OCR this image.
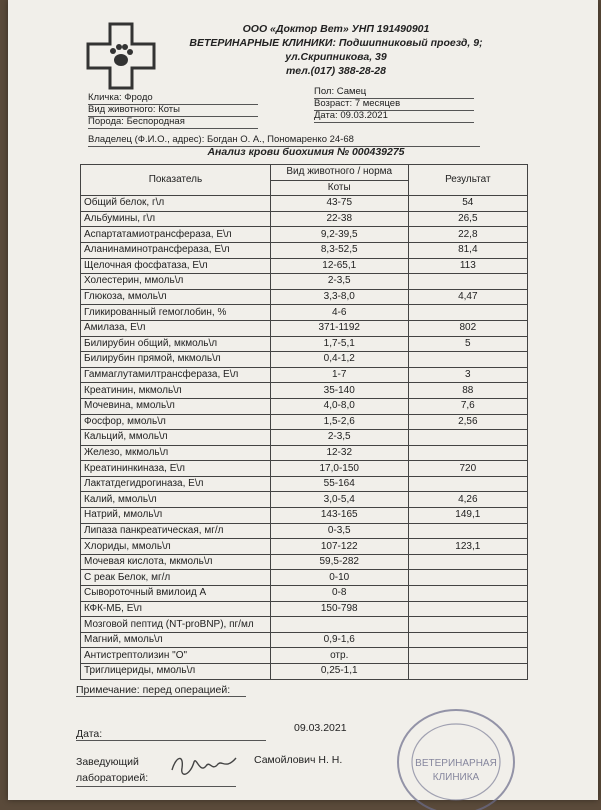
ООО «Доктор Вет» УНП 191490901
ВЕТЕРИНАРНЫЕ КЛИНИКИ: Подшипниковый проезд, 9;
ул.Скрипникова, 39
тел.(017) 388-28-28
Кличка: Фродо
Вид животного: Коты
Порода: Беспородная
Пол: Самец
Возраст: 7 месяцев
Дата: 09.03.2021
Владелец (Ф.И.О., адрес): Богдан О. А., Пономаренко 24-68
Анализ крови биохимия № 000439275
Показатель	Вид животного / норма	Результат
	Коты	
Общий белок, г\л	43-75	54
Альбумины, г\л	22-38	26,5
Аспартатамиотрансфераза, Е\л	9,2-39,5	22,8
Аланинаминотрансфераза, Е\л	8,3-52,5	81,4
Щелочная фосфатаза, Е\л	12-65,1	113
Холестерин, ммоль\л	2-3,5	
Глюкоза, ммоль\л	3,3-8,0	4,47
Гликированный гемоглобин, %	4-6	
Амилаза, Е\л	371-1192	802
Билирубин общий, мкмоль\л	1,7-5,1	5
Билирубин прямой, мкмоль\л	0,4-1,2	
Гаммаглутамилтрансфераза, Е\л	1-7	3
Креатинин, мкмоль\л	35-140	88
Мочевина, ммоль\л	4,0-8,0	7,6
Фосфор, ммоль\л	1,5-2,6	2,56
Кальций, ммоль\л	2-3,5	
Железо, мкмоль\л	12-32	
Креатининкиназа, Е\л	17,0-150	720
Лактатдегидрогиназа, Е\л	55-164	
Калий, ммоль\л	3,0-5,4	4,26
Натрий, ммоль\л	143-165	149,1
Липаза панкреатическая, мг/л	0-3,5	
Хлориды, ммоль\л	107-122	123,1
Мочевая кислота, мкмоль\л	59,5-282	
С реак Белок, мг/л	0-10	
Сывороточный вмилоид А	0-8	
КФК-МБ, Е\л	150-798	
Мозговой пептид (NT-proBNP), пг/мл		
Магний, ммоль\л	0,9-1,6	
Антистрептолизин "О"	отр.	
Триглицериды, ммоль\л	0,25-1,1	
Примечание: перед операцией:
Дата:	09.03.2021
Заведующий
лабораторией:
Самойлович Н. Н.	ВЕТЕРИНАРНАЯ
КЛИНИКА
